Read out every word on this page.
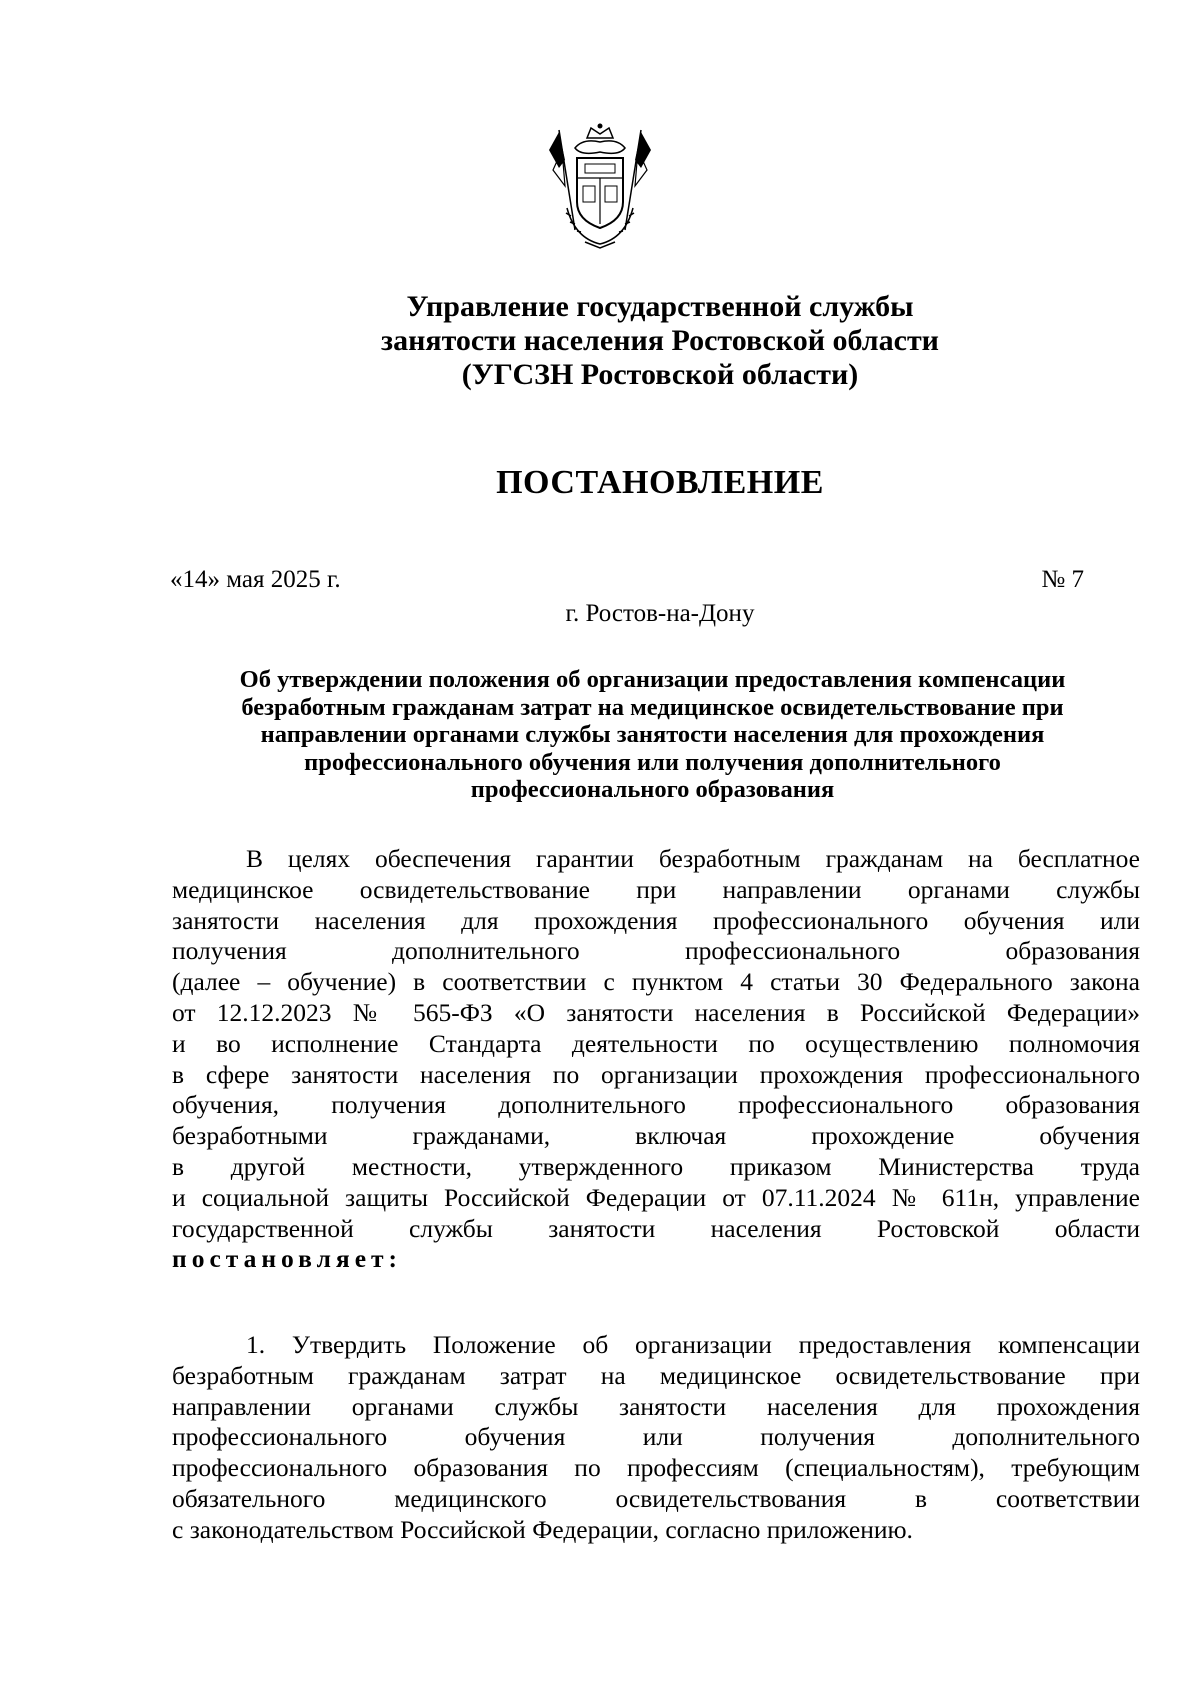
Управление государственной службы
занятости населения Ростовской области
(УГСЗН Ростовской области)
ПОСТАНОВЛЕНИЕ
«14» мая 2025 г.	№ 7
г. Ростов-на-Дону
Об утверждении положения об организации предоставления компенсации
безработным гражданам затрат на медицинское освидетельствование при
направлении органами службы занятости населения для прохождения
профессионального обучения или получения дополнительного
профессионального образования
В целях обеспечения гарантии безработным гражданам на бесплатное
медицинское освидетельствование при направлении органами службы
занятости населения для прохождения профессионального обучения или
получения дополнительного профессионального образования
(далее – обучение) в соответствии с пунктом 4 статьи 30 Федерального закона
от 12.12.2023 № 565-ФЗ «О занятости населения в Российской Федерации»
и во исполнение Стандарта деятельности по осуществлению полномочия
в сфере занятости населения по организации прохождения профессионального
обучения, получения дополнительного профессионального образования
безработными гражданами, включая прохождение обучения
в другой местности, утвержденного приказом Министерства труда
и социальной защиты Российской Федерации от 07.11.2024 № 611н, управление
государственной службы занятости населения Ростовской области
постановляет:
1. Утвердить Положение об организации предоставления компенсации
безработным гражданам затрат на медицинское освидетельствование при
направлении органами службы занятости населения для прохождения
профессионального обучения или получения дополнительного
профессионального образования по профессиям (специальностям), требующим
обязательного медицинского освидетельствования в соответствии
с законодательством Российской Федерации, согласно приложению.
